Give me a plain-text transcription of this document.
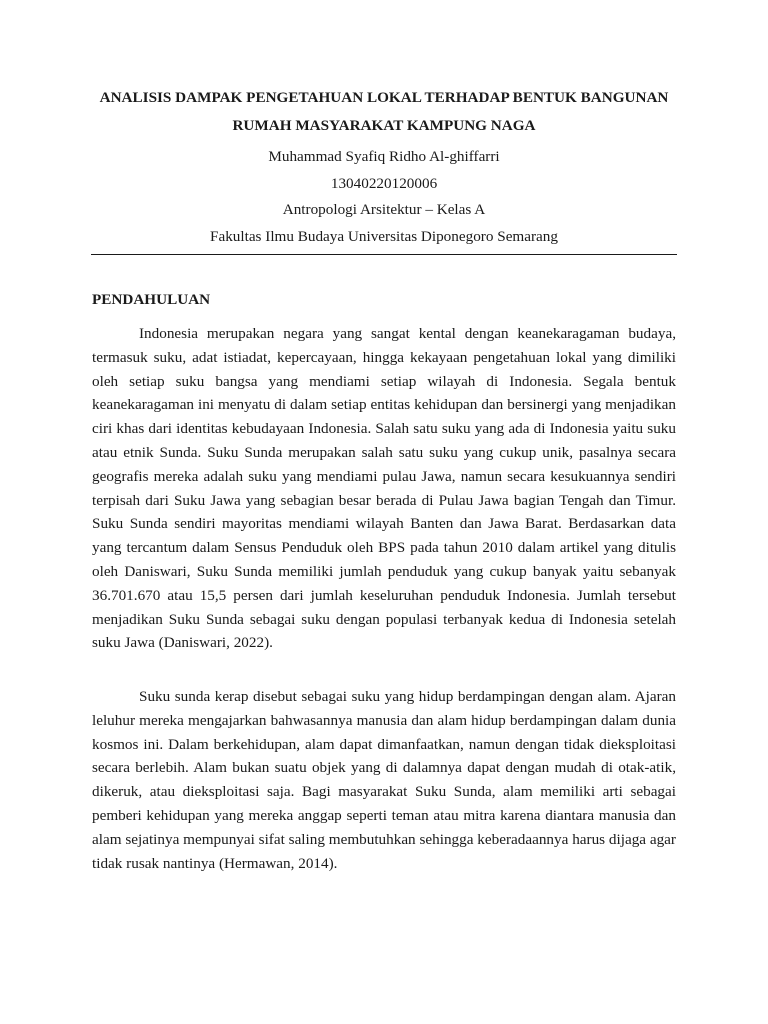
ANALISIS DAMPAK PENGETAHUAN LOKAL TERHADAP BENTUK BANGUNAN
RUMAH MASYARAKAT KAMPUNG NAGA
Muhammad Syafiq Ridho Al-ghiffarri
13040220120006
Antropologi Arsitektur – Kelas A
Fakultas Ilmu Budaya Universitas Diponegoro Semarang
PENDAHULUAN

Indonesia merupakan negara yang sangat kental dengan keanekaragaman budaya, termasuk suku, adat istiadat, kepercayaan, hingga kekayaan pengetahuan lokal yang dimiliki oleh setiap suku bangsa yang mendiami setiap wilayah di Indonesia. Segala bentuk keanekaragaman ini menyatu di dalam setiap entitas kehidupan dan bersinergi yang menjadikan ciri khas dari identitas kebudayaan Indonesia. Salah satu suku yang ada di Indonesia yaitu suku atau etnik Sunda. Suku Sunda merupakan salah satu suku yang cukup unik, pasalnya secara geografis mereka adalah suku yang mendiami pulau Jawa, namun secara kesukuannya sendiri terpisah dari Suku Jawa yang sebagian besar berada di Pulau Jawa bagian Tengah dan Timur. Suku Sunda sendiri mayoritas mendiami wilayah Banten dan Jawa Barat. Berdasarkan data yang tercantum dalam Sensus Penduduk oleh BPS pada tahun 2010 dalam artikel yang ditulis oleh Daniswari, Suku Sunda memiliki jumlah penduduk yang cukup banyak yaitu sebanyak 36.701.670 atau 15,5 persen dari jumlah keseluruhan penduduk Indonesia. Jumlah tersebut menjadikan Suku Sunda sebagai suku dengan populasi terbanyak kedua di Indonesia setelah suku Jawa (Daniswari, 2022).

Suku sunda kerap disebut sebagai suku yang hidup berdampingan dengan alam. Ajaran leluhur mereka mengajarkan bahwasannya manusia dan alam hidup berdampingan dalam dunia kosmos ini. Dalam berkehidupan, alam dapat dimanfaatkan, namun dengan tidak dieksploitasi secara berlebih. Alam bukan suatu objek yang di dalamnya dapat dengan mudah di otak-atik, dikeruk, atau dieksploitasi saja. Bagi masyarakat Suku Sunda, alam memiliki arti sebagai pemberi kehidupan yang mereka anggap seperti teman atau mitra karena diantara manusia dan alam sejatinya mempunyai sifat saling membutuhkan sehingga keberadaannya harus dijaga agar tidak rusak nantinya (Hermawan, 2014).
